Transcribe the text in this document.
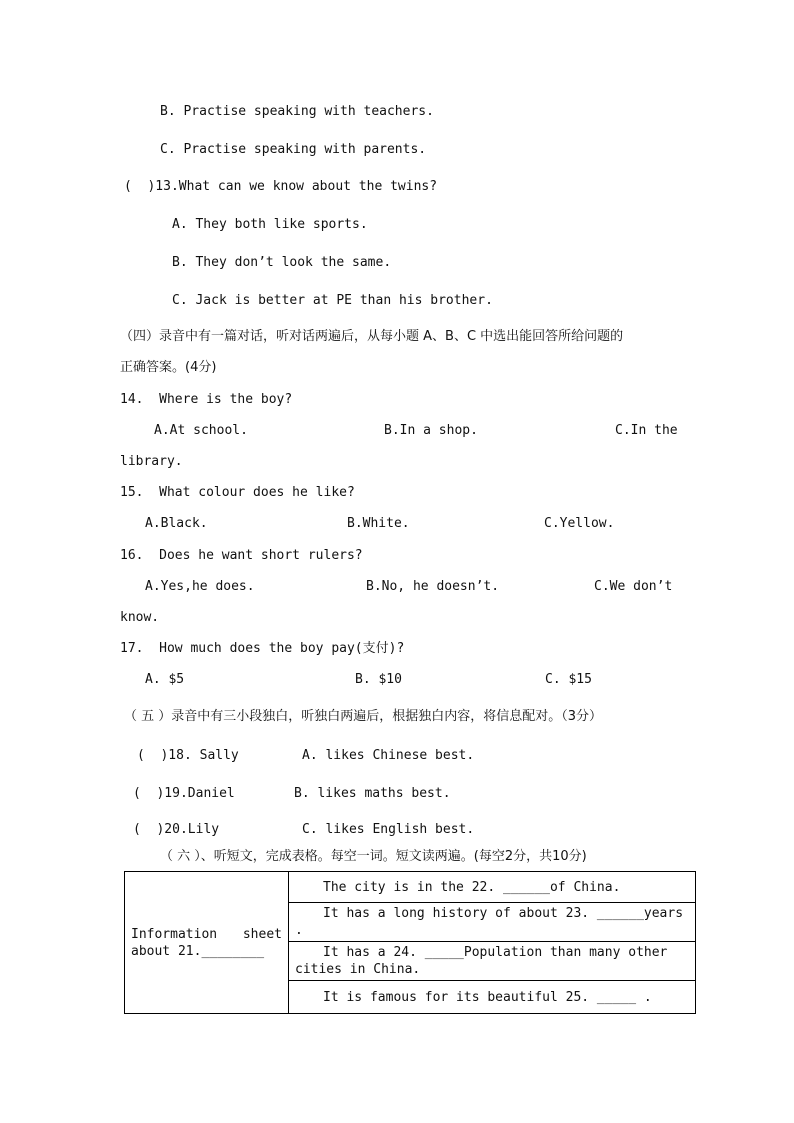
B. Practise speaking with teachers.
C. Practise speaking with parents.
(  )13.What can we know about the twins?
A. They both like sports.
B. They don’t look the same.
C. Jack is better at PE than his brother.
（四）录音中有一篇对话，听对话两遍后，从每小题 A、B、C 中选出能回答所给问题的
正确答案。(4分)
14.  Where is the boy?
A.At school.	B.In a shop.	C.In the
library.
15.  What colour does he like?
A.Black.	B.White.	C.Yellow.
16.  Does he want short rulers?
A.Yes,he does.	B.No, he doesn’t.	C.We don’t
know.
17.  How much does the boy pay(支付)?
A. $5	B. $10	C. $15
（ 五 ）录音中有三小段独白，听独白两遍后，根据独白内容，将信息配对。（3分）
(  )18. Sally	A. likes Chinese best.
(  )19.Daniel	B. likes maths best.
(  )20.Lily	C. likes English best.
（ 六 ）、听短文，完成表格。每空一词。短文读两遍。(每空2分，共10分)
Information sheet
about 21.________
	The city is in the 22. ______of China.
It has a long history of about 23. ______years .
It has a 24. _____Population than many other cities in China.
It is famous for its beautiful 25. _____ .
